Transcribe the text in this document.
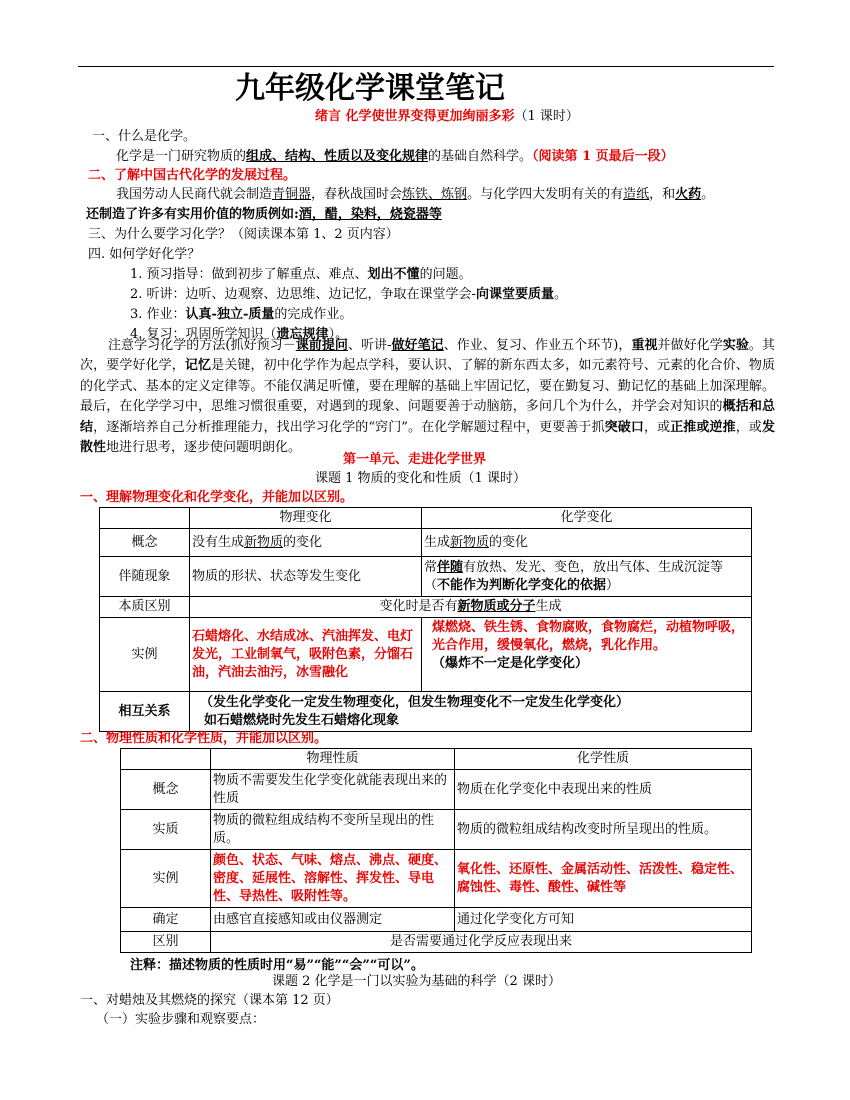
九年级化学课堂笔记
绪言 化学使世界变得更加绚丽多彩（1 课时）
一、什么是化学。
化学是一门研究物质的组成、结构、性质以及变化规律的基础自然科学。（阅读第 1 页最后一段）
二、了解中国古代化学的发展过程。
我国劳动人民商代就会制造青铜器，春秋战国时会炼铁、炼钢。与化学四大发明有关的有造纸，和火药。
还制造了许多有实用价值的物质例如:酒，醋，染料，烧瓷器等
三、为什么要学习化学？（阅读课本第 1、2 页内容）
四. 如何学好化学？
1. 预习指导：做到初步了解重点、难点、划出不懂的问题。
2. 听讲：边听、边观察、边思维、边记忆，争取在课堂学会-向课堂要质量。
3. 作业：认真-独立-质量的完成作业。
4. 复习：巩固所学知识（遗忘规律）。
注意学习化学的方法(抓好预习－课前提问、听讲-做好笔记、作业、复习、作业五个环节)，重视并做好化学实验。其次，要学好化学，记忆是关键，初中化学作为起点学科，要认识、了解的新东西太多，如元素符号、元素的化合价、物质的化学式、基本的定义定律等。不能仅满足听懂，要在理解的基础上牢固记忆，要在勤复习、勤记忆的基础上加深理解。最后，在化学学习中，思维习惯很重要，对遇到的现象、问题要善于动脑筋，多问几个为什么，并学会对知识的概括和总结，逐渐培养自己分析推理能力，找出学习化学的“窍门”。在化学解题过程中，更要善于抓突破口，或正推或逆推，或发散性地进行思考，逐步使问题明朗化。
第一单元、走进化学世界
课题 1 物质的变化和性质（1 课时）
一、理解物理变化和化学变化，并能加以区别。
	物理变化	化学变化
概念	没有生成新物质的变化	生成新物质的变化
伴随现象	物质的形状、状态等发生变化	常伴随有放热、发光、变色，放出气体、生成沉淀等（不能作为判断化学变化的依据）
本质区别	变化时是否有新物质或分子生成	
实例	石蜡熔化、水结成冰、汽油挥发、电灯发光，工业制氧气，吸附色素，分馏石油，汽油去油污，冰雪融化	煤燃烧、铁生锈、食物腐败，食物腐烂，动植物呼吸，光合作用，缓慢氧化，燃烧，乳化作用。
（爆炸不一定是化学变化）
相互关系	（发生化学变化一定发生物理变化，但发生物理变化不一定发生化学变化）
如石蜡燃烧时先发生石蜡熔化现象	
二、物理性质和化学性质，并能加以区别。
	物理性质	化学性质
概念	物质不需要发生化学变化就能表现出来的性质	物质在化学变化中表现出来的性质
实质	物质的微粒组成结构不变所呈现出的性质。	物质的微粒组成结构改变时所呈现出的性质。
实例	颜色、状态、气味、熔点、沸点、硬度、密度、延展性、溶解性、挥发性、导电性、导热性、吸附性等。	氧化性、还原性、金属活动性、活泼性、稳定性、腐蚀性、毒性、酸性、碱性等
确定	由感官直接感知或由仪器测定	通过化学变化方可知
区别	是否需要通过化学反应表现出来	
注释：描述物质的性质时用“易”“能”“会”“可以”。
课题 2 化学是一门以实验为基础的科学（2 课时）
一、对蜡烛及其燃烧的探究（课本第 12 页）
（一）实验步骤和观察要点：
